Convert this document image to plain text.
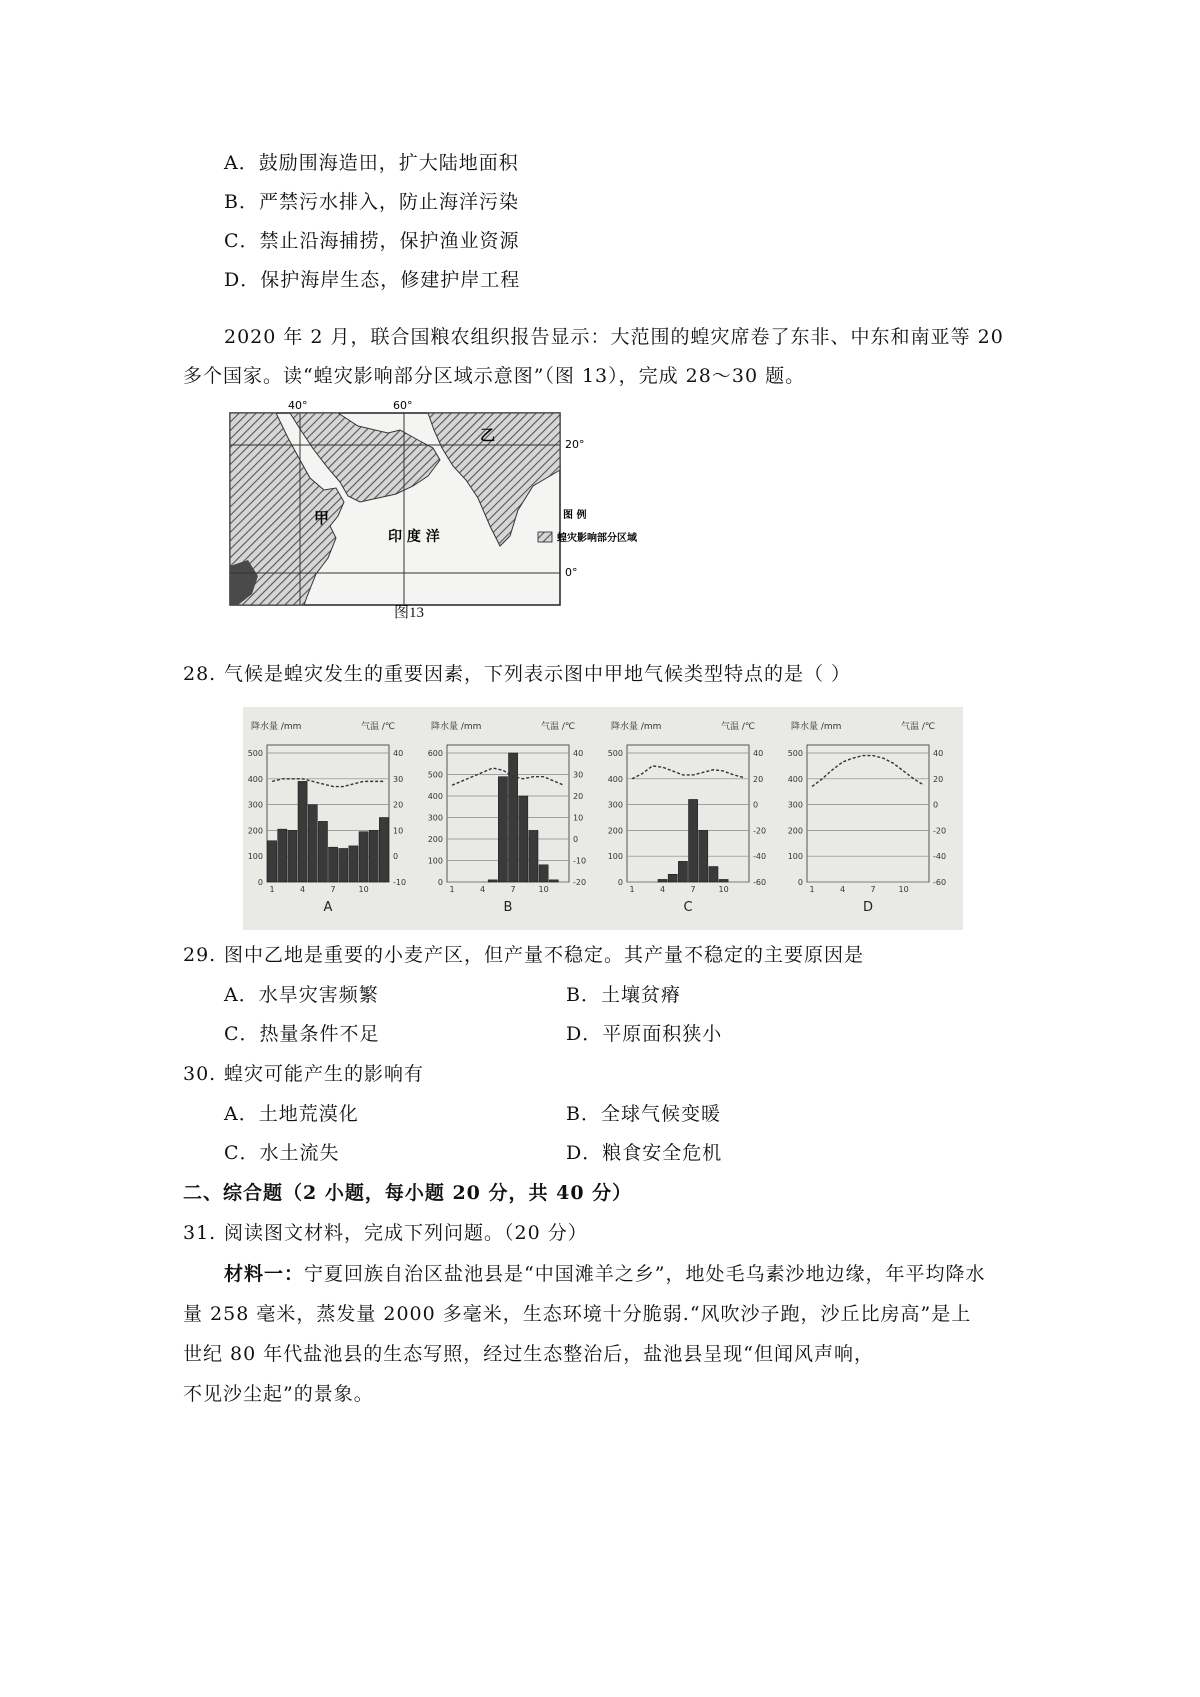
A．鼓励围海造田，扩大陆地面积
B．严禁污水排入，防止海洋污染
C．禁止沿海捕捞，保护渔业资源
D．保护海岸生态，修建护岸工程
2020 年 2 月，联合国粮农组织报告显示：大范围的蝗灾席卷了东非、中东和南亚等 20
多个国家。读“蝗灾影响部分区域示意图”（图 13），完成 28～30 题。
40°	60°
20°
0°
甲
乙
印 度 洋
图 例
蝗灾影响部分区域
图13
28. 气候是蝗灾发生的重要因素，下列表示图中甲地气候类型特点的是（ ）
降水量 /mm	气温 /℃
500
400
300
200
100
0
40
30
20
10
0
-10
1	4	7	10
A
降水量 /mm	气温 /℃
600
500
400
300
200
100
0
40
30
20
10
0
-10
-20
1	4	7	10
B
降水量 /mm	气温 /℃
500
400
300
200
100
0
40
20
0
-20
-40
-60
1	4	7	10
C
降水量 /mm	气温 /℃
500
400
300
200
100
0
40
20
0
-20
-40
-60
1	4	7	10
D
29. 图中乙地是重要的小麦产区，但产量不稳定。其产量不稳定的主要原因是
A．水旱灾害频繁	B．土壤贫瘠
C．热量条件不足	D．平原面积狭小
30. 蝗灾可能产生的影响有
A．土地荒漠化	B．全球气候变暖
C．水土流失	D．粮食安全危机
二、综合题（2 小题，每小题 20 分，共 40 分）
31. 阅读图文材料，完成下列问题。（20 分）
材料一：宁夏回族自治区盐池县是“中国滩羊之乡”，地处毛乌素沙地边缘，年平均降水
量 258 毫米，蒸发量 2000 多毫米，生态环境十分脆弱.“风吹沙子跑，沙丘比房高”是上
世纪 80 年代盐池县的生态写照，经过生态整治后，盐池县呈现“但闻风声响，
不见沙尘起”的景象。
